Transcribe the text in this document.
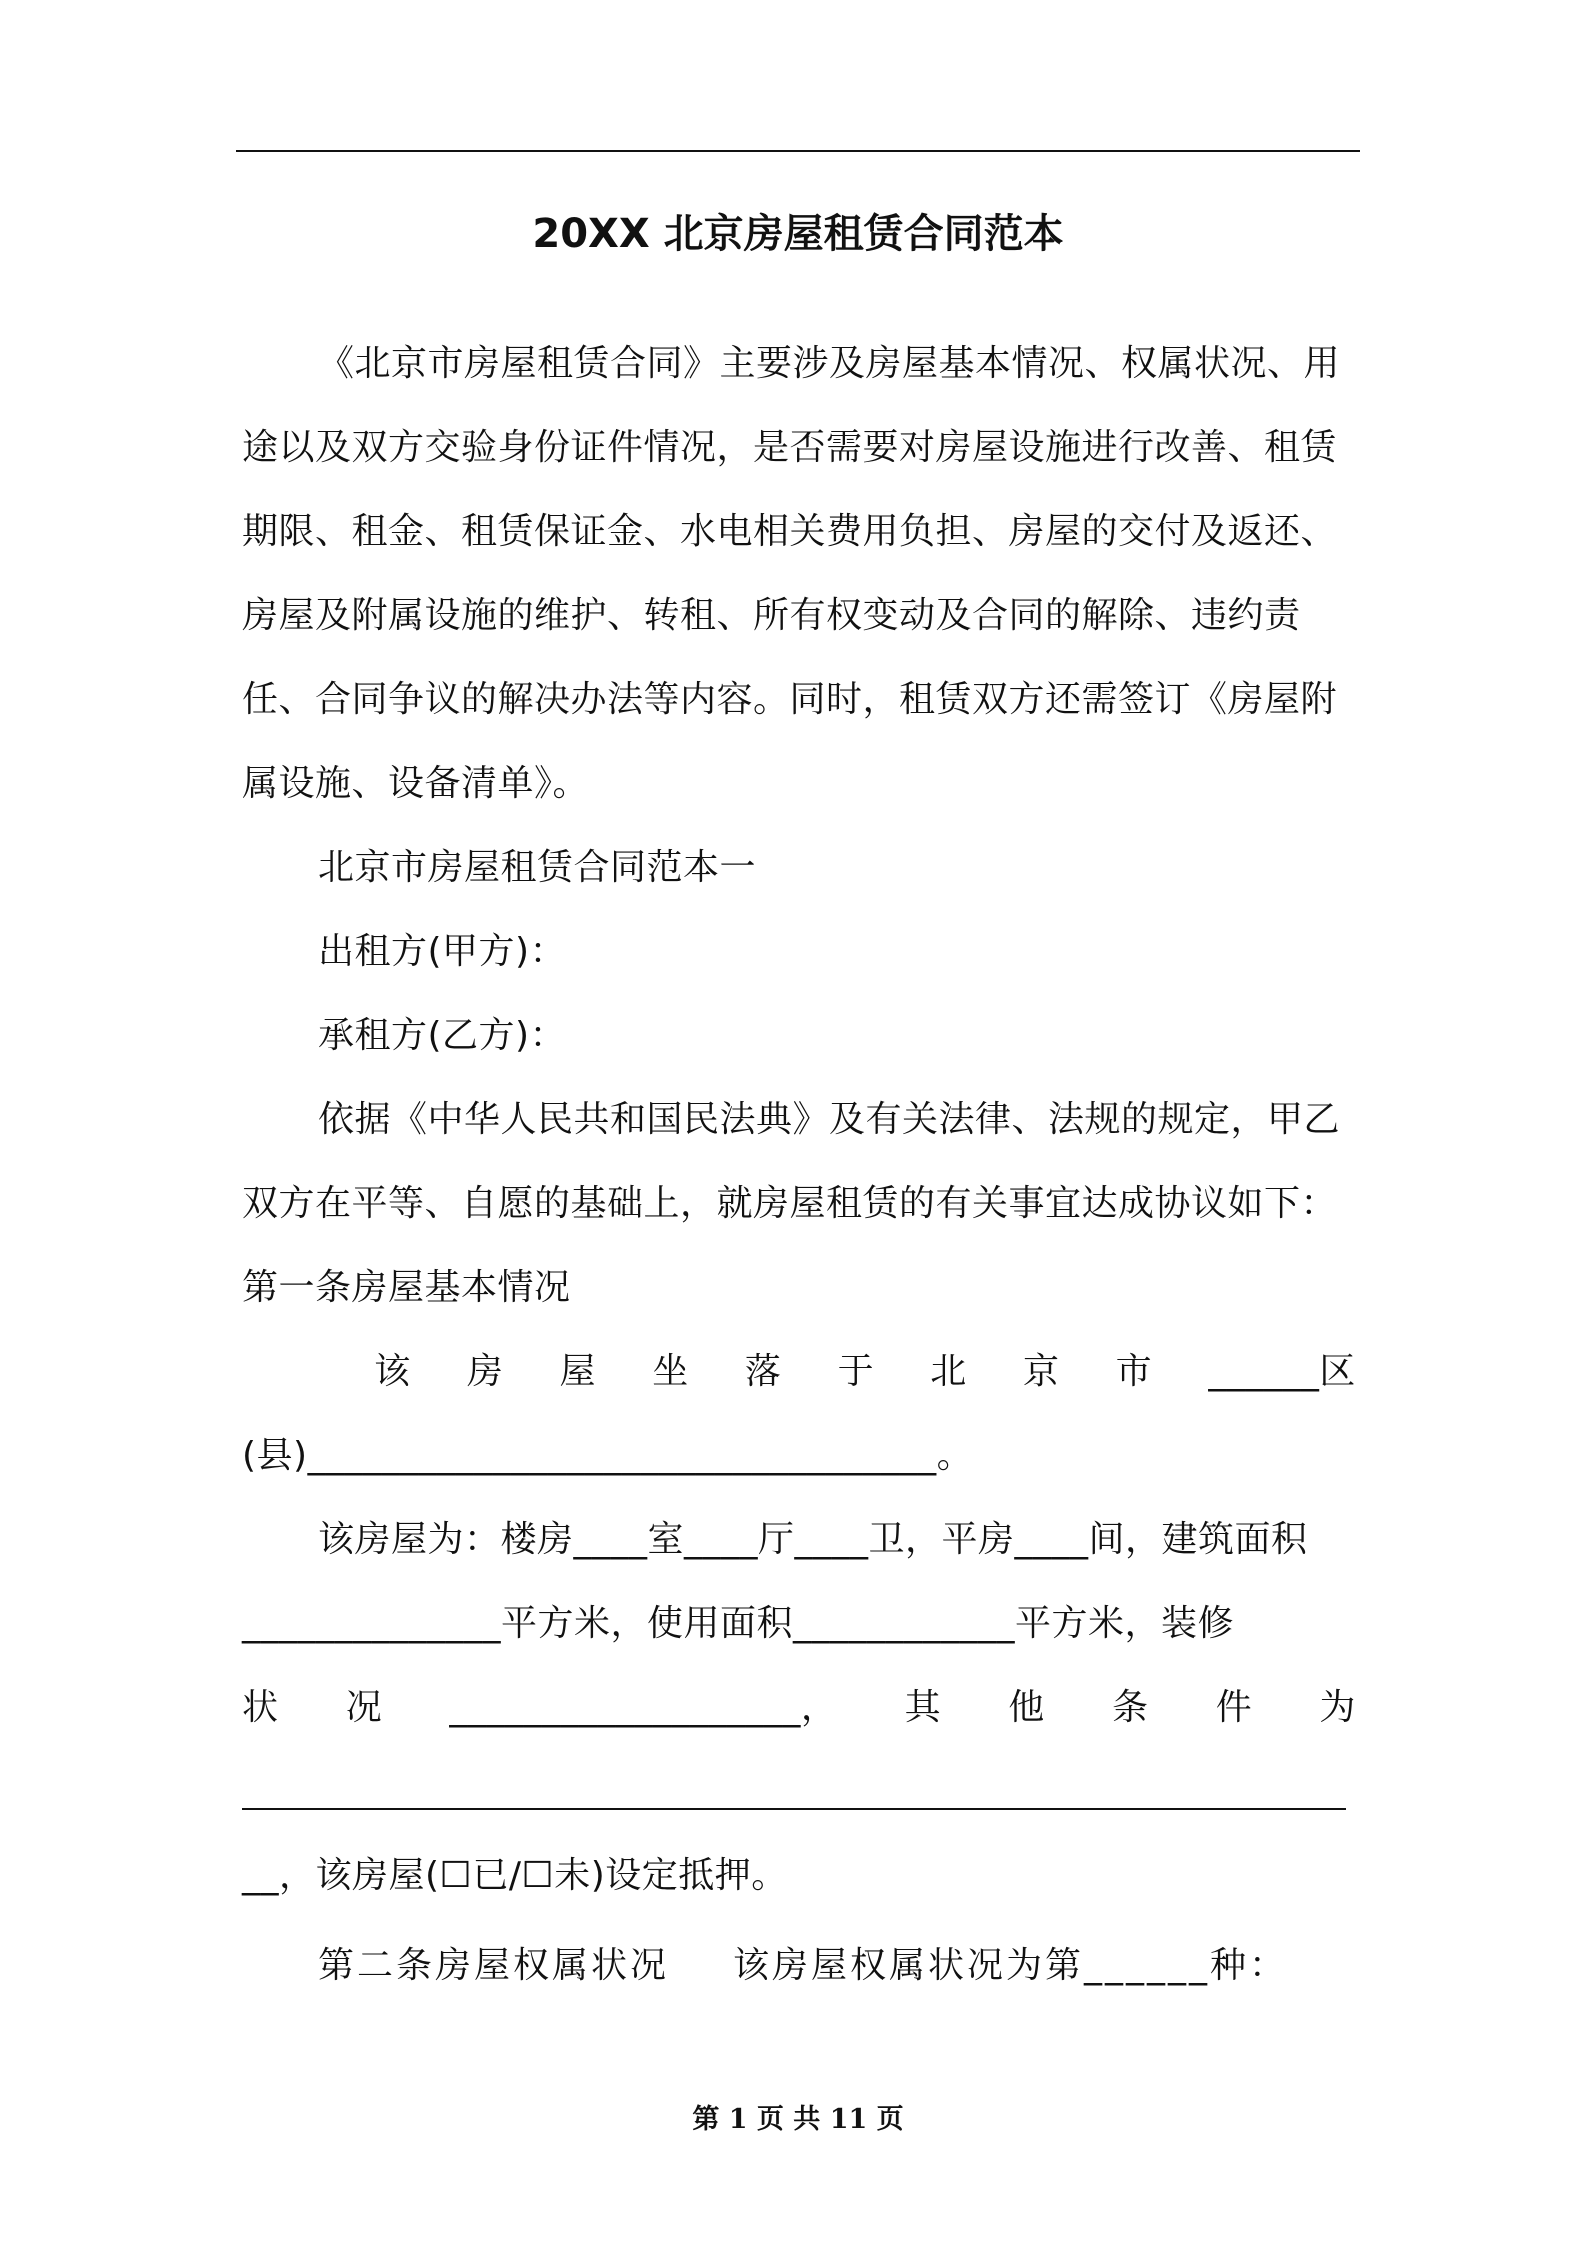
20XX 北京房屋租赁合同范本

《北京市房屋租赁合同》主要涉及房屋基本情况、权属状况、用途以及双方交验身份证件情况，是否需要对房屋设施进行改善、租赁期限、租金、租赁保证金、水电相关费用负担、房屋的交付及返还、房屋及附属设施的维护、转租、所有权变动及合同的解除、违约责任、合同争议的解决办法等内容。同时，租赁双方还需签订《房屋附属设施、设备清单》。

北京市房屋租赁合同范本一

出租方(甲方)：

承租方(乙方)：

依据《中华人民共和国民法典》及有关法律、法规的规定，甲乙双方在平等、自愿的基础上，就房屋租赁的有关事宜达成协议如下：

第一条房屋基本情况

该 房 屋 坐 落 于 北 京 市 ______区

(县)__________________________________。

该房屋为：楼房____室____厅____卫，平房____间，建筑面积______________平方米，使用面积____________平方米，装修

状 况 ___________________， 其 他 条 件 为

__，该房屋(☐已/☐未)设定抵押。

第二条房屋权属状况 该房屋权属状况为第______种：

第 1 页 共 11 页
